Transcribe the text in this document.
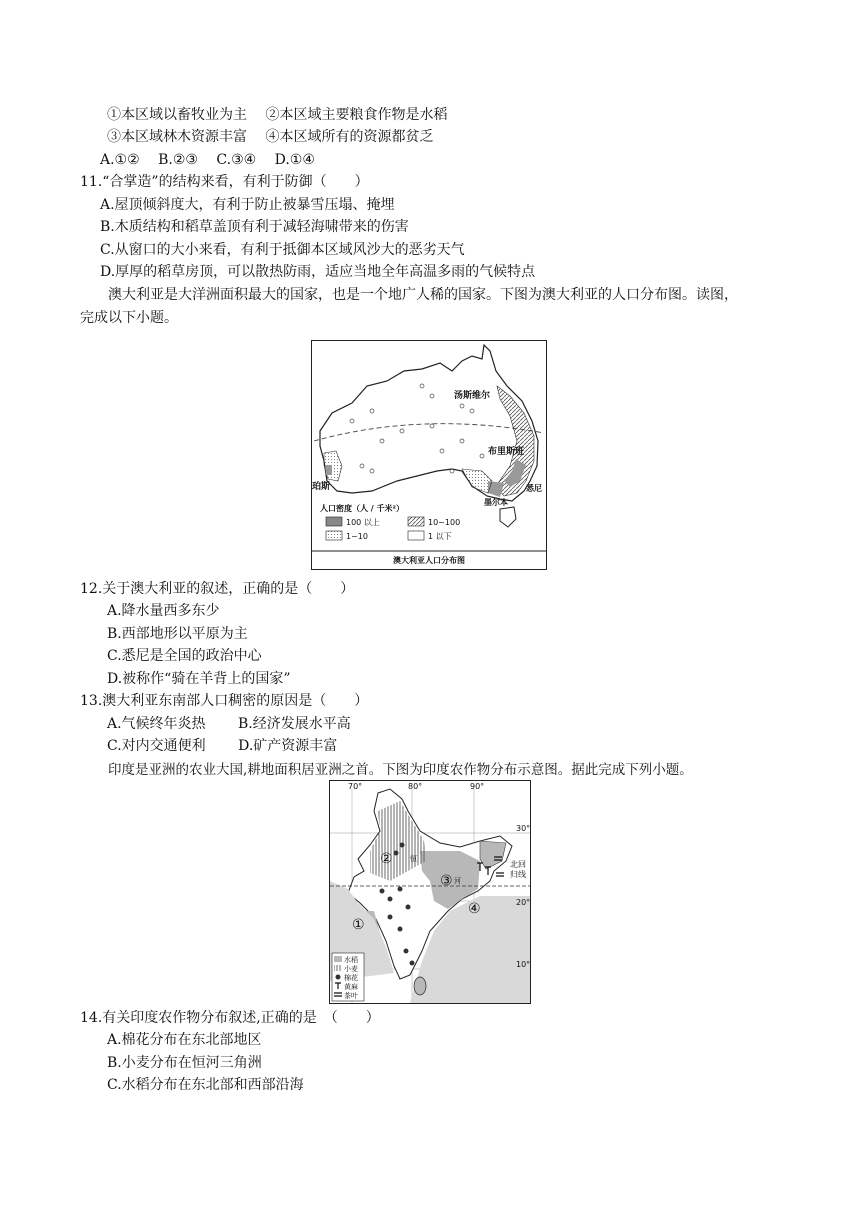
①本区域以畜牧业为主　 ②本区域主要粮食作物是水稻
③本区域林木资源丰富　 ④本区域所有的资源都贫乏
A.①②　 B.②③　 C.③④　 D.①④
11.“合掌造”的结构来看，有利于防御（　　）
A.屋顶倾斜度大，有利于防止被暴雪压塌、掩埋
B.木质结构和稻草盖顶有利于减轻海啸带来的伤害
C.从窗口的大小来看，有利于抵御本区域风沙大的恶劣天气
D.厚厚的稻草房顶，可以散热防雨，适应当地全年高温多雨的气候特点
澳大利亚是大洋洲面积最大的国家，也是一个地广人稀的国家。下图为澳大利亚的人口分布图。读图，
完成以下小题。
汤斯维尔
布里斯班
悉尼
墨尔本
珀斯
人口密度（人 / 千米²）
100 以上	10~100
1~10	1 以下
澳大利亚人口分布图
12.关于澳大利亚的叙述，正确的是（　　）
A.降水量西多东少
B.西部地形以平原为主
C.悉尼是全国的政治中心
D.被称作“骑在羊背上的国家”
13.澳大利亚东南部人口稠密的原因是（　　）
A.气候终年炎热　　 B.经济发展水平高
C.对内交通便利　　 D.矿产资源丰富
印度是亚洲的农业大国,耕地面积居亚洲之首。下图为印度农作物分布示意图。据此完成下列小题。
70°	80°	90°
30°
20°
10°
北回
归线
恒
河
①
②
③
④
水稻
小麦
棉花
黄麻
茶叶
14.有关印度农作物分布叙述,正确的是　（　　）
A.棉花分布在东北部地区
B.小麦分布在恒河三角洲
C.水稻分布在东北部和西部沿海
